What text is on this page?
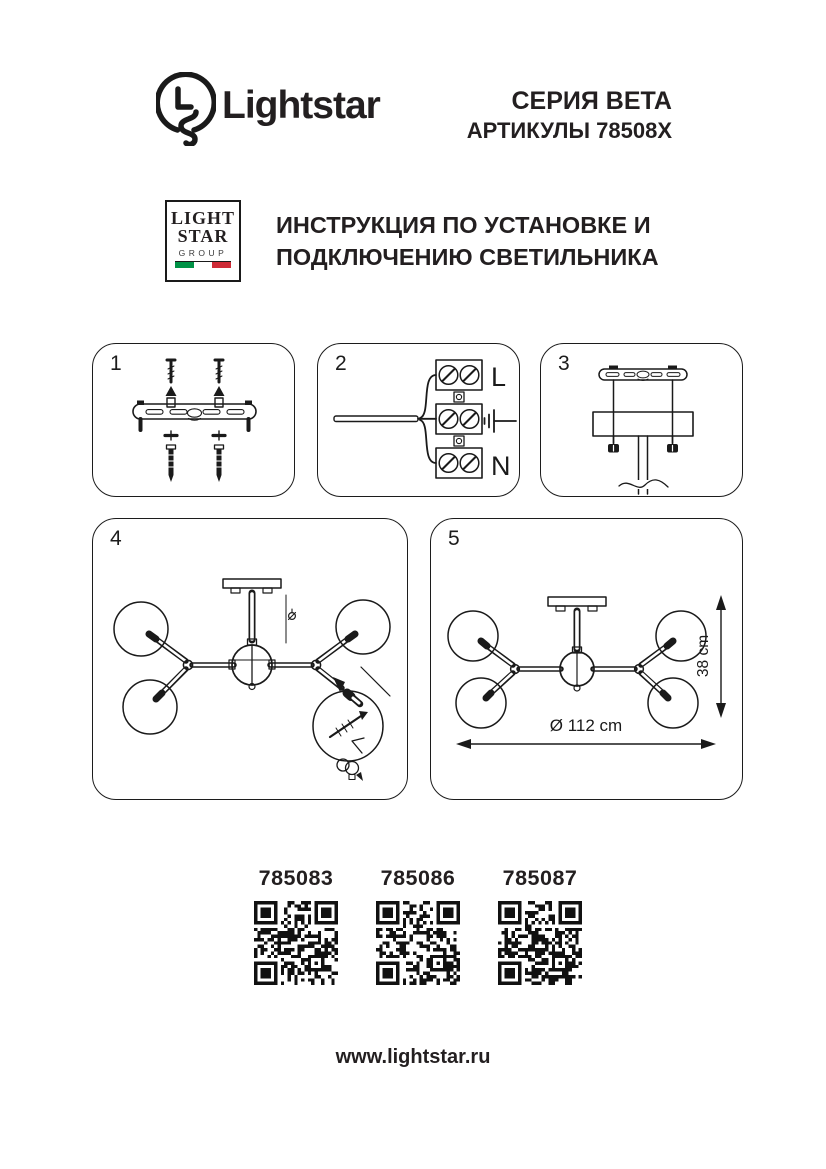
Lightstar	СЕРИЯ BETA
АРТИКУЛЫ 78508X
LIGHT
STAR
GROUP
ИНСТРУКЦИЯ ПО УСТАНОВКЕ И
ПОДКЛЮЧЕНИЮ СВЕТИЛЬНИКА
1	2	L
N
3
4	5
Ø 112 cm
38 cm
785083	785086	785087
www.lightstar.ru
